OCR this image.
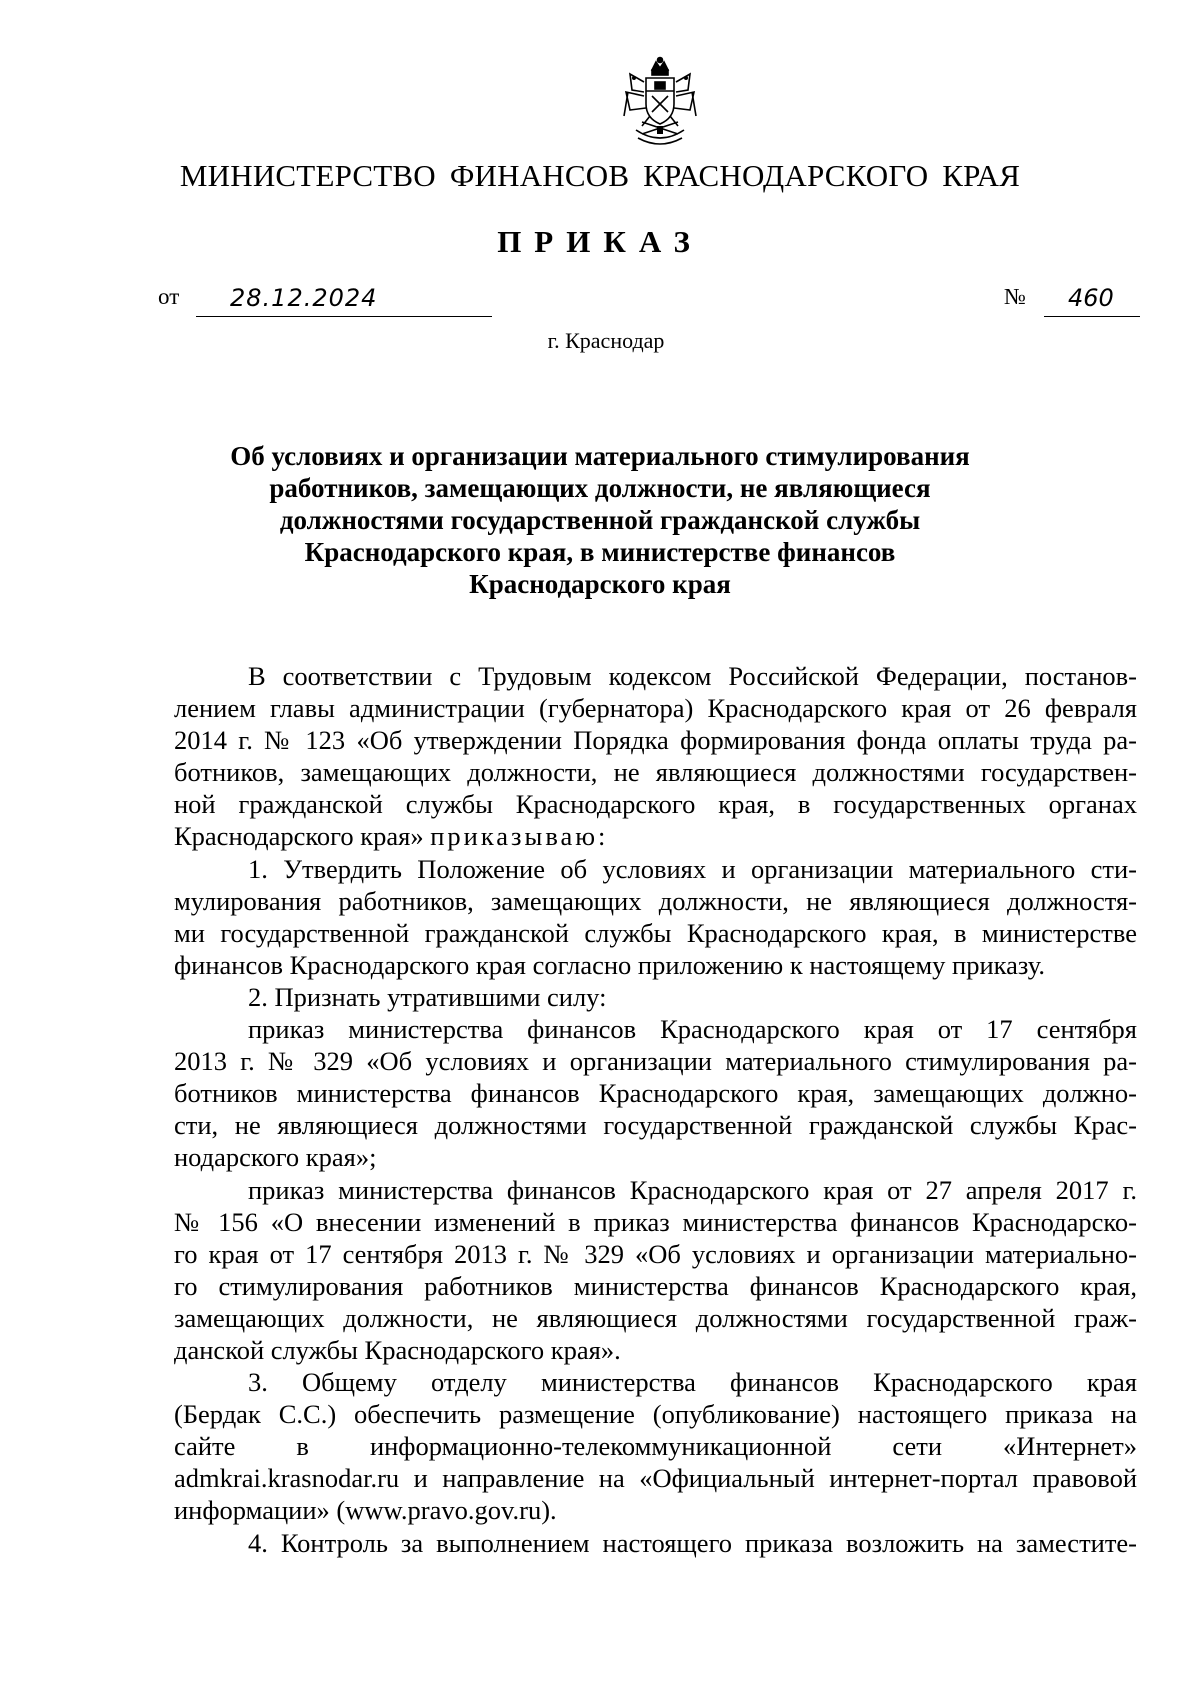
МИНИСТЕРСТВО ФИНАНСОВ КРАСНОДАРСКОГО КРАЯ
ПРИКАЗ
от 28.12.2024	№ 460
г. Краснодар
Об условиях и организации материального стимулирования
работников, замещающих должности, не являющиеся
должностями государственной гражданской службы
Краснодарского края, в министерстве финансов
Краснодарского края
В соответствии с Трудовым кодексом Российской Федерации, постанов-
лением главы администрации (губернатора) Краснодарского края от 26 февраля
2014 г. № 123 «Об утверждении Порядка формирования фонда оплаты труда ра-
ботников, замещающих должности, не являющиеся должностями государствен-
ной гражданской службы Краснодарского края, в государственных органах
Краснодарского края» приказываю:
1. Утвердить Положение об условиях и организации материального сти-
мулирования работников, замещающих должности, не являющиеся должностя-
ми государственной гражданской службы Краснодарского края, в министерстве
финансов Краснодарского края согласно приложению к настоящему приказу.
2. Признать утратившими силу:
приказ министерства финансов Краснодарского края от 17 сентября
2013 г. № 329 «Об условиях и организации материального стимулирования ра-
ботников министерства финансов Краснодарского края, замещающих должно-
сти, не являющиеся должностями государственной гражданской службы Крас-
нодарского края»;
приказ министерства финансов Краснодарского края от 27 апреля 2017 г.
№ 156 «О внесении изменений в приказ министерства финансов Краснодарско-
го края от 17 сентября 2013 г. № 329 «Об условиях и организации материально-
го стимулирования работников министерства финансов Краснодарского края,
замещающих должности, не являющиеся должностями государственной граж-
данской службы Краснодарского края».
3. Общему отделу министерства финансов Краснодарского края
(Бердак С.С.) обеспечить размещение (опубликование) настоящего приказа на
сайте в информационно-телекоммуникационной сети «Интернет»
admkrai.krasnodar.ru и направление на «Официальный интернет-портал правовой
информации» (www.pravo.gov.ru).
4. Контроль за выполнением настоящего приказа возложить на заместите-
